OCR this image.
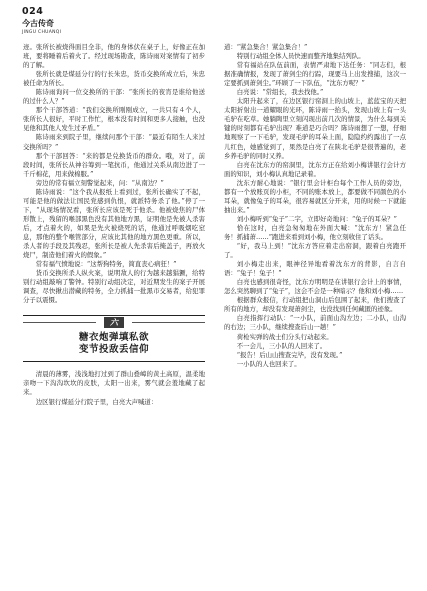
024
今古传奇
JINGU CHUANQI

迹。张所长被烧得面目全非，他的身体伏在桌子上，好像正在加班，要将睡着后着火了。经过现场勘查，陈诗雨对案情有了初步的了解。

张所长就是煤延分行的行长朱忠，货币交换所成立后，朱忠被任命为所长。

陈诗雨询问一位交换所的干部：“张所长的夜宵是谁给他送的过什么人？”

那个干部答道：“我们交换所刚刚成立，一共只有４个人，张所长人很好，平时工作忙，根本没有时间和更多人接触，也没见他和其他人发生过矛盾。”

陈诗雨来到院子里，继续问那个干部：“最近有陌生人来过交换所吗？”

那个干部回答：“来的都是兑换货币的群众。哦，对了，前段时间，张所长从神谷筹到一笔抗币，他通过关系从南边进了一千斤棉花，用来做棉服。”

旁边的常有福立刻警觉起来，问：“从南边？”

陈诗雨说：“这个我从报纸上看到过，张所长确实了不起，可能是他的做法让国民党感到仇恨，就派特务杀了他。”停了一下，“从现场情况看，张所长应该是死于他杀。他被烧焦的尸体形散上，残留的喉部黑色没有其他地方黑，证明他是先被人杀害后，才点着火的，如果是先火被烧死的话，他通过呼吸烟吃窒息，那他的整个喉管部分，应该比其他的地方黑色更重。所以，杀人者的手段及其残忍，张所长是被人先杀害后掩盖子，再放火烧尸，制造他们着火的假象。”

常有福气愤地说：“这帮狗特务，简直丧心病狂！”

货币交换所杀人纵火案，说明敌人的行为越来越猖獗，给特别行动组敲响了警钟。特别行动组决定，对近期发生的案子开展调查，尽快揪出潜藏的特务，全力抓捕一批黑市交易者，给犯罪分子以震慑。

六
糖衣炮弹填私欲
变节投敌丢信仰

清晨的薄雾，浅浅地打过到了群山叠嶂的黄土高原，温柔地亲吻一下沟沟坎坎的皮肤，太阳一出来，雾气就会羞地藏了起来。

边区银行煤延分行院子里，白亮大声喊道：

道：“紧急集合！紧急集合！”

特别行动组全体人员快速而整齐地集结列队。

常有福站在队伍前面，表情严肃地下达任务：“同志们，根据准确情报，发现了萧剑尘的行踪，现要马上出发搜捕，这次一定要抓到萧剑尘。”环顾了一下队伍，“沈东方呢？”

白亮说：“常组长，我去找他。”

太阳升起来了，在边区银行窑洞上的山坡上，蓝蓝宝的天把太阳折射出一道耀眼的光环，陈诗雨一抬头，发现山坡上有一头毛驴在吃草。她躺陶里立刻闪现出前几次的情景，为什么每到关键的时刻都有毛驴出现？难道是巧合吗？陈诗雨想了一想，仔细地观察了一下毛驴，发现毛驴的耳朵上面，隐隐约约露出了一点儿红色，她感觉到了，果然是白亮了在陕北毛驴是很普遍的，老乡养毛驴的同时又养。

白亮在沈东方的窑洞里，沈东方正在给刘小梅讲银行会计方面的知识，刘小梅认真地记录着。

沈东方耐心地说：“银行里会计柜台每个工作人员的旁边，都有一个放账页的小柜，不同的账本放上，都要做不同颜色的小耳朵，就像兔子的耳朵，很容易就区分开来，用的时候一下就能抽出来。”

刘小梅听到“兔子”二字，立即好奇地问：“兔子的耳朵？”

恰在这时，白亮急匆匆地在外面大喊：“沈东方！紧急任务！抓捕萧……”跑进来看到刘小梅，他立刻收住了话头。

“好，我马上到！”沈东方答应着走出窑洞，跟着白亮跑开了。

刘小梅走出来，眼神径异地看着沈东方的背影，自言自语：“兔子！兔子！”

白亮也感到很奇怪，沈东方明明是在讲银行会计上的事情，怎么突然聊到了“兔子”，这会不会是一种暗示？他和刘小梅……

根据群众报信，行动组把山洞山后包围了起来，他们搜查了所有的地方，却没有发现萧剑尘，也没找到任何藏匿的迹象。

白亮指挥行动队：“一小队，前面山沟左边；二小队，山沟的右边；三小队，继续搜查后山一趟！”

荷枪实弹的战士们分头行动起来。

不一会儿，三小队的人回来了。

“报告！后山山搜查完毕，没有发现。”

一小队的人也回来了。
